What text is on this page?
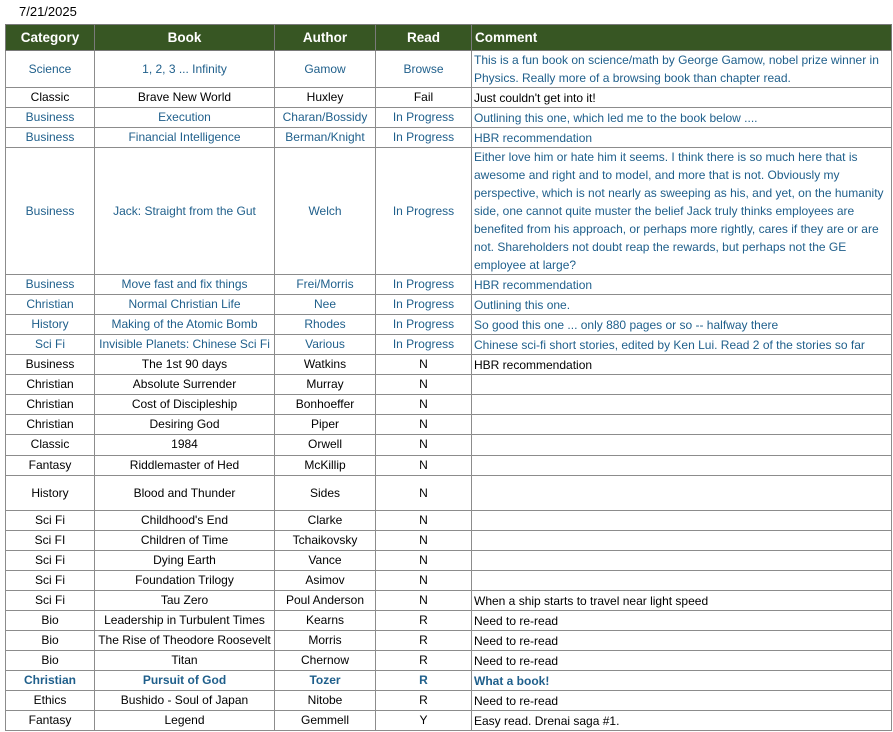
7/21/2025
Category	Book	Author	Read	Comment
Science	1, 2, 3 ... Infinity	Gamow	Browse	This is a fun book on science/math by George Gamow, nobel prize winner in Physics. Really more of a browsing book than chapter read.
Classic	Brave New World	Huxley	Fail	Just couldn't get into it!
Business	Execution	Charan/Bossidy	In Progress	Outlining this one, which led me to the book below ....
Business	Financial Intelligence	Berman/Knight	In Progress	HBR recommendation
Business	Jack: Straight from the Gut	Welch	In Progress	Either love him or hate him it seems. I think there is so much here that is awesome and right and to model, and more that is not. Obviously my perspective, which is not nearly as sweeping as his, and yet, on the humanity side, one cannot quite muster the belief Jack truly thinks employees are benefited from his approach, or perhaps more rightly, cares if they are or are not. Shareholders not doubt reap the rewards, but perhaps not the GE employee at large?
Business	Move fast and fix things	Frei/Morris	In Progress	HBR recommendation
Christian	Normal Christian Life	Nee	In Progress	Outlining this one.
History	Making of the Atomic Bomb	Rhodes	In Progress	So good this one ... only 880 pages or so -- halfway there
Sci Fi	Invisible Planets: Chinese Sci Fi	Various	In Progress	Chinese sci-fi short stories, edited by Ken Lui. Read 2 of the stories so far
Business	The 1st 90 days	Watkins	N	HBR recommendation
Christian	Absolute Surrender	Murray	N	
Christian	Cost of Discipleship	Bonhoeffer	N	
Christian	Desiring God	Piper	N	
Classic	1984	Orwell	N	
Fantasy	Riddlemaster of Hed	McKillip	N	
History	Blood and Thunder	Sides	N	
Sci Fi	Childhood's End	Clarke	N	
Sci FI	Children of Time	Tchaikovsky	N	
Sci Fi	Dying Earth	Vance	N	
Sci Fi	Foundation Trilogy	Asimov	N	
Sci Fi	Tau Zero	Poul Anderson	N	When a ship starts to travel near light speed
Bio	Leadership in Turbulent Times	Kearns	R	Need to re-read
Bio	The Rise of Theodore Roosevelt	Morris	R	Need to re-read
Bio	Titan	Chernow	R	Need to re-read
Christian	Pursuit of God	Tozer	R	What a book!
Ethics	Bushido - Soul of Japan	Nitobe	R	Need to re-read
Fantasy	Legend	Gemmell	Y	Easy read. Drenai saga #1.
